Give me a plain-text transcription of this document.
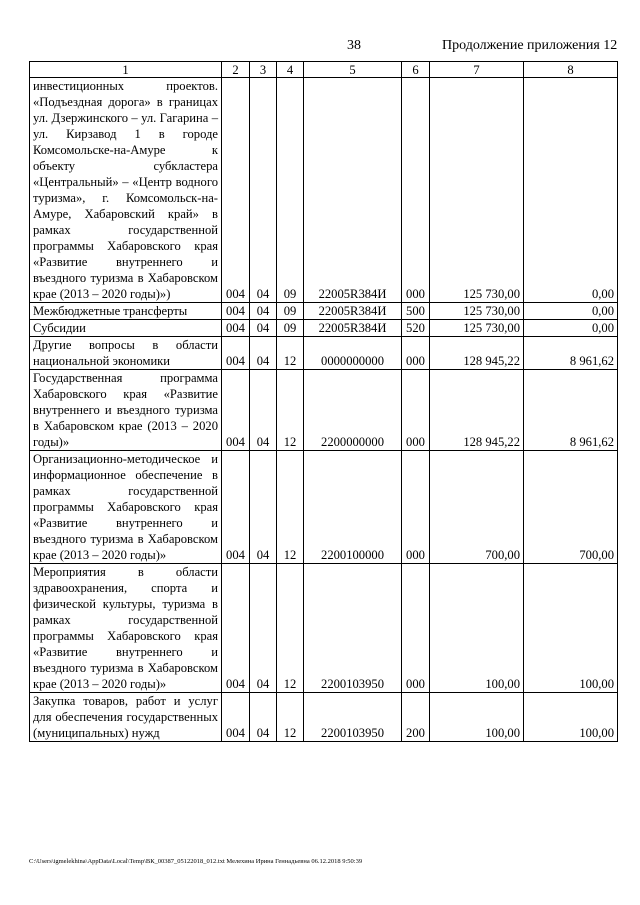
38	Продолжение приложения 12
1	2	3	4	5	6	7	8
инвестиционных проектов. «Подъездная дорога» в границах ул. Дзержинского – ул. Гагарина – ул. Кирзавод 1 в городе Комсомольске-на-Амуре к объекту субкластера «Центральный» – «Центр водного туризма», г. Комсомольск-на-Амуре, Хабаровский край» в рамках государственной программы Хабаровского края «Развитие внутреннего и въездного туризма в Хабаровском крае (2013 – 2020 годы)»)	004	04	09	22005R384И	000	125 730,00	0,00
Межбюджетные трансферты	004	04	09	22005R384И	500	125 730,00	0,00
Субсидии	004	04	09	22005R384И	520	125 730,00	0,00
Другие вопросы в области национальной экономики	004	04	12	0000000000	000	128 945,22	8 961,62
Государственная программа Хабаровского края «Развитие внутреннего и въездного туризма в Хабаровском крае (2013 – 2020 годы)»	004	04	12	2200000000	000	128 945,22	8 961,62
Организационно-методическое и информационное обеспечение в рамках государственной программы Хабаровского края «Развитие внутреннего и въездного туризма в Хабаровском крае (2013 – 2020 годы)»	004	04	12	2200100000	000	700,00	700,00
Мероприятия в области здравоохранения, спорта и физической культуры, туризма в рамках государственной программы Хабаровского края «Развитие внутреннего и въездного туризма в Хабаровском крае (2013 – 2020 годы)»	004	04	12	2200103950	000	100,00	100,00
Закупка товаров, работ и услуг для обеспечения государственных (муниципальных) нужд	004	04	12	2200103950	200	100,00	100,00
C:\Users\igmelekhina\AppData\Local\Temp\ВК_00387_05122018_012.txt Мелехина Ирина Геннадьевна 06.12.2018 9:50:39
